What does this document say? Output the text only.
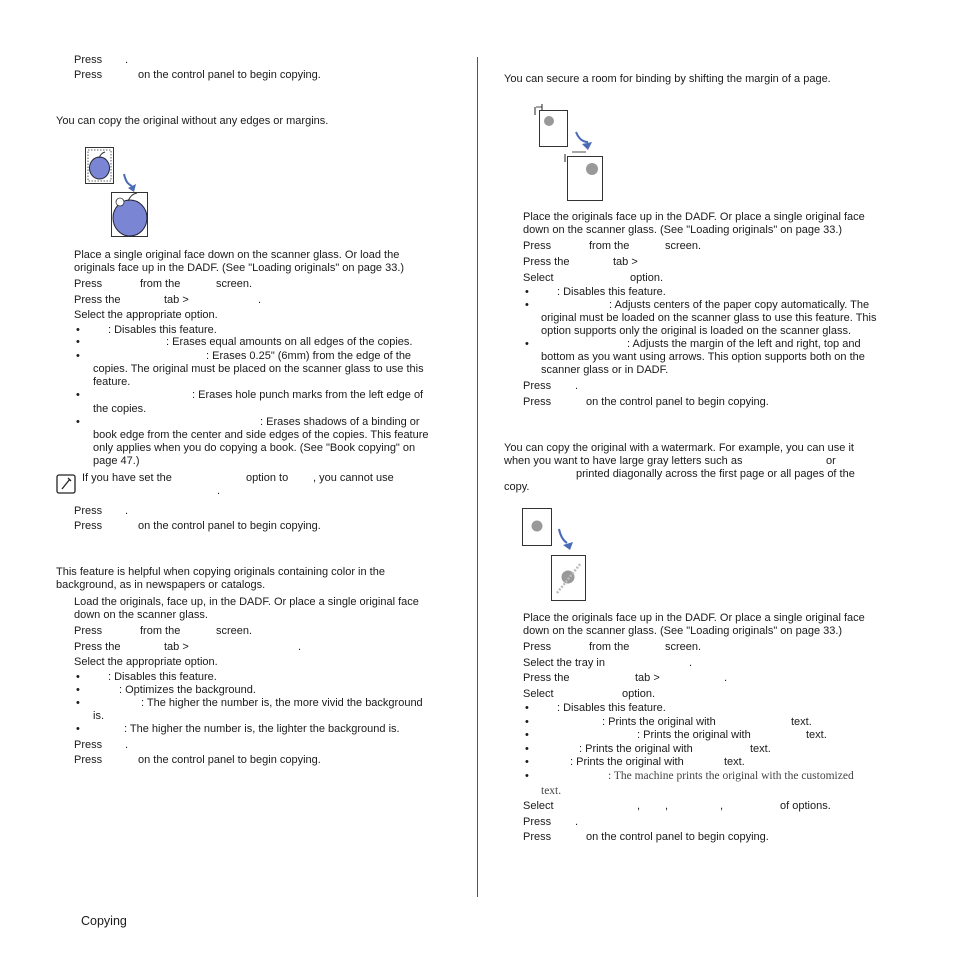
Press .
Press	on the control panel to begin copying.
You can copy the original without any edges or margins.
Place a single original face down on the scanner glass. Or load the
originals face up in the DADF. (See "Loading originals" on page 33.)
Press	from the	screen.
Press the	tab >	.
Select the appropriate option.
•	: Disables this feature.
•	: Erases equal amounts on all edges of the copies.
•	: Erases 0.25" (6mm) from the edge of the
copies. The original must be placed on the scanner glass to use this
feature.
•	: Erases hole punch marks from the left edge of
the copies.
•	: Erases shadows of a binding or
book edge from the center and side edges of the copies. This feature
only applies when you do copying a book. (See "Book copying" on
page 47.)
If you have set the	option to , you cannot use
.
Press .
Press	on the control panel to begin copying.
This feature is helpful when copying originals containing color in the
background, as in newspapers or catalogs.
Load the originals, face up, in the DADF. Or place a single original face
down on the scanner glass.
Press	from the	screen.
Press the	tab >	.
Select the appropriate option.
•	: Disables this feature.
•	: Optimizes the background.
•	: The higher the number is, the more vivid the background
is.
•	: The higher the number is, the lighter the background is.
Press .
Press	on the control panel to begin copying.
You can secure a room for binding by shifting the margin of a page.
Place the originals face up in the DADF. Or place a single original face
down on the scanner glass. (See "Loading originals" on page 33.)
Press	from the	screen.
Press the	tab >
Select	option.
•	: Disables this feature.
•	: Adjusts centers of the paper copy automatically. The
original must be loaded on the scanner glass to use this feature. This
option supports only the original is loaded on the scanner glass.
•	: Adjusts the margin of the left and right, top and
bottom as you want using arrows. This option supports both on the
scanner glass or in DADF.
Press .
Press	on the control panel to begin copying.
You can copy the original with a watermark. For example, you can use it
when you want to have large gray letters such as	or
printed diagonally across the first page or all pages of the
copy.
Place the originals face up in the DADF. Or place a single original face
down on the scanner glass. (See "Loading originals" on page 33.)
Press	from the	screen.
Select the tray in	.
Press the	tab >	.
Select	option.
•	: Disables this feature.
•	: Prints the original with	text.
•	: Prints the original with	text.
•	: Prints the original with	text.
•	: Prints the original with	text.
•	: The machine prints the original with the customized
text.
Select	, ,	,	of options.
Press .
Press	on the control panel to begin copying.
Copying
